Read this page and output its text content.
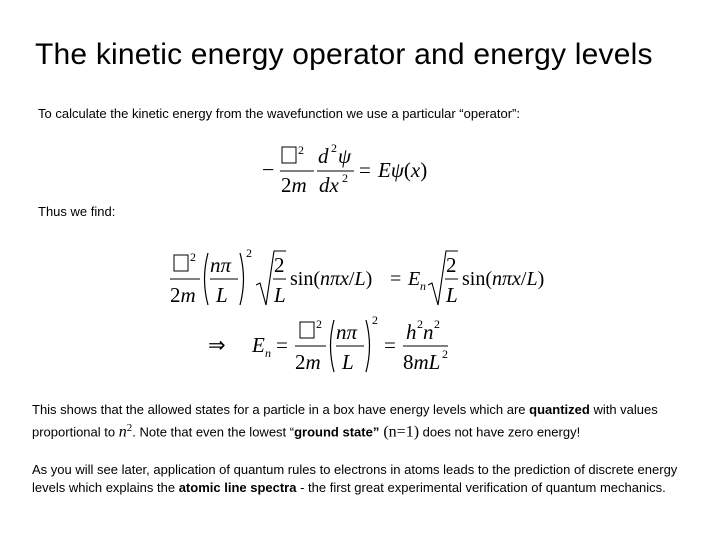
The kinetic energy operator and energy levels
To calculate the kinetic energy from the wavefunction we use a particular “operator”:
−
2
2m
d 2 ψ
dx 2 = Eψ(x)
Thus we find:
2
2m
nπ
L
2 2
L
sin(nπx/L) = E n
2
L
sin(nπx/L)
⇒ E n =
2
2m
nπ
L
2
=
h 2 n 2
8mL 2
This shows that the allowed states for a particle in a box have energy levels which are quantized with values proportional to $n^2$. Note that even the lowest “ground state” (n=1) does not have zero energy!
As you will see later, application of quantum rules to electrons in atoms leads to the prediction of discrete energy levels which explains the atomic line spectra - the first great experimental verification of quantum mechanics.
